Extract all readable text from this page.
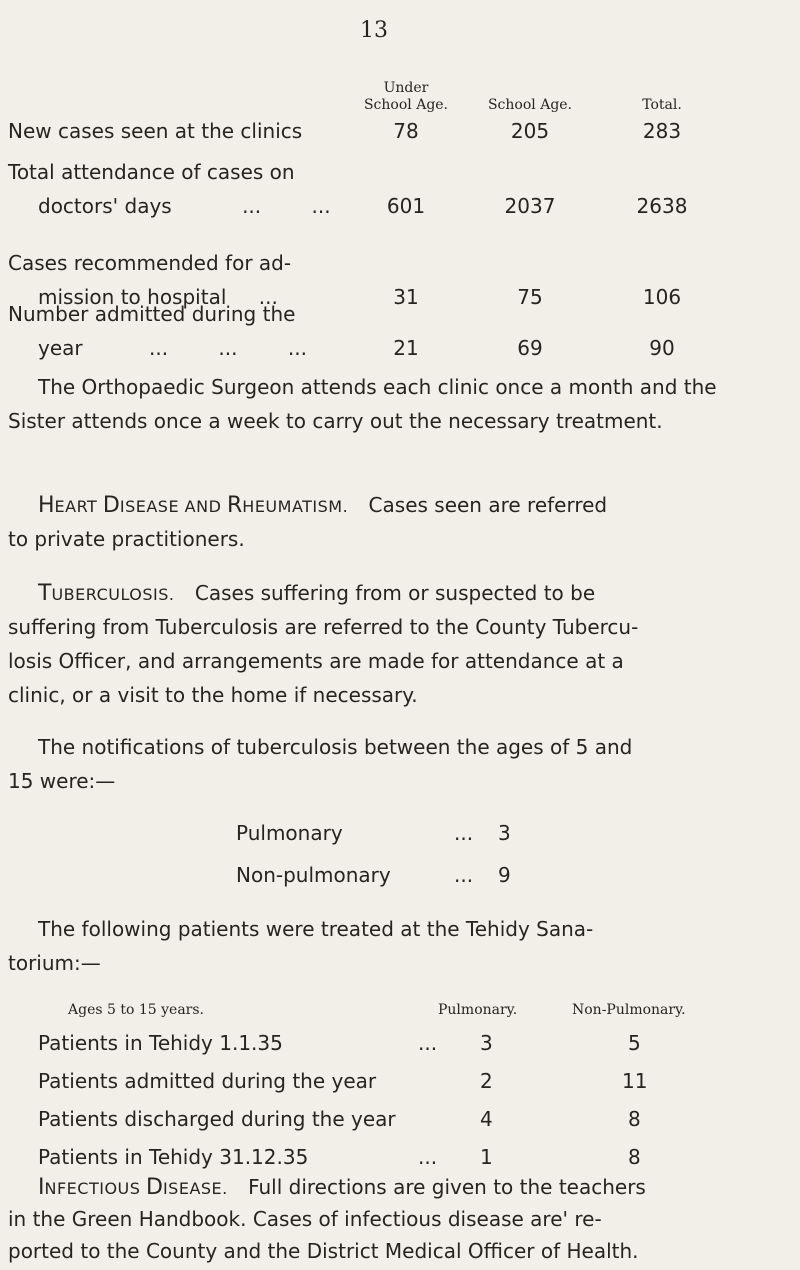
13
Under
School Age.	School Age.	Total.
New cases seen at the clinics	78	205	283
Total attendance of cases on
doctors' days	...	...	601	2037	2638
Cases recommended for ad-
mission to hospital ...	31	75	106
Number admitted during the
year	...	...	...	21	69	90
The Orthopaedic Surgeon attends each clinic once a month and the Sister attends once a week to carry out the necessary treatment.
HEART DISEASE AND RHEUMATISM. Cases seen are referred
to private practitioners.
TUBERCULOSIS. Cases suffering from or suspected to be
suffering from Tuberculosis are referred to the County Tubercu-
losis Officer, and arrangements are made for attendance at a
clinic, or a visit to the home if necessary.
The notifications of tuberculosis between the ages of 5 and
15 were:—
Pulmonary	... 3
Non-pulmonary	... 9
The following patients were treated at the Tehidy Sana-
torium:—
Ages 5 to 15 years.	Pulmonary.	Non-Pulmonary.
Patients in Tehidy 1.1.35	... 3	5
Patients admitted during the year	2	11
Patients discharged during the year	4	8
Patients in Tehidy 31.12.35	... 1	8
INFECTIOUS DISEASE. Full directions are given to the teachers
in the Green Handbook. Cases of infectious disease are' re-
ported to the County and the District Medical Officer of Health.
